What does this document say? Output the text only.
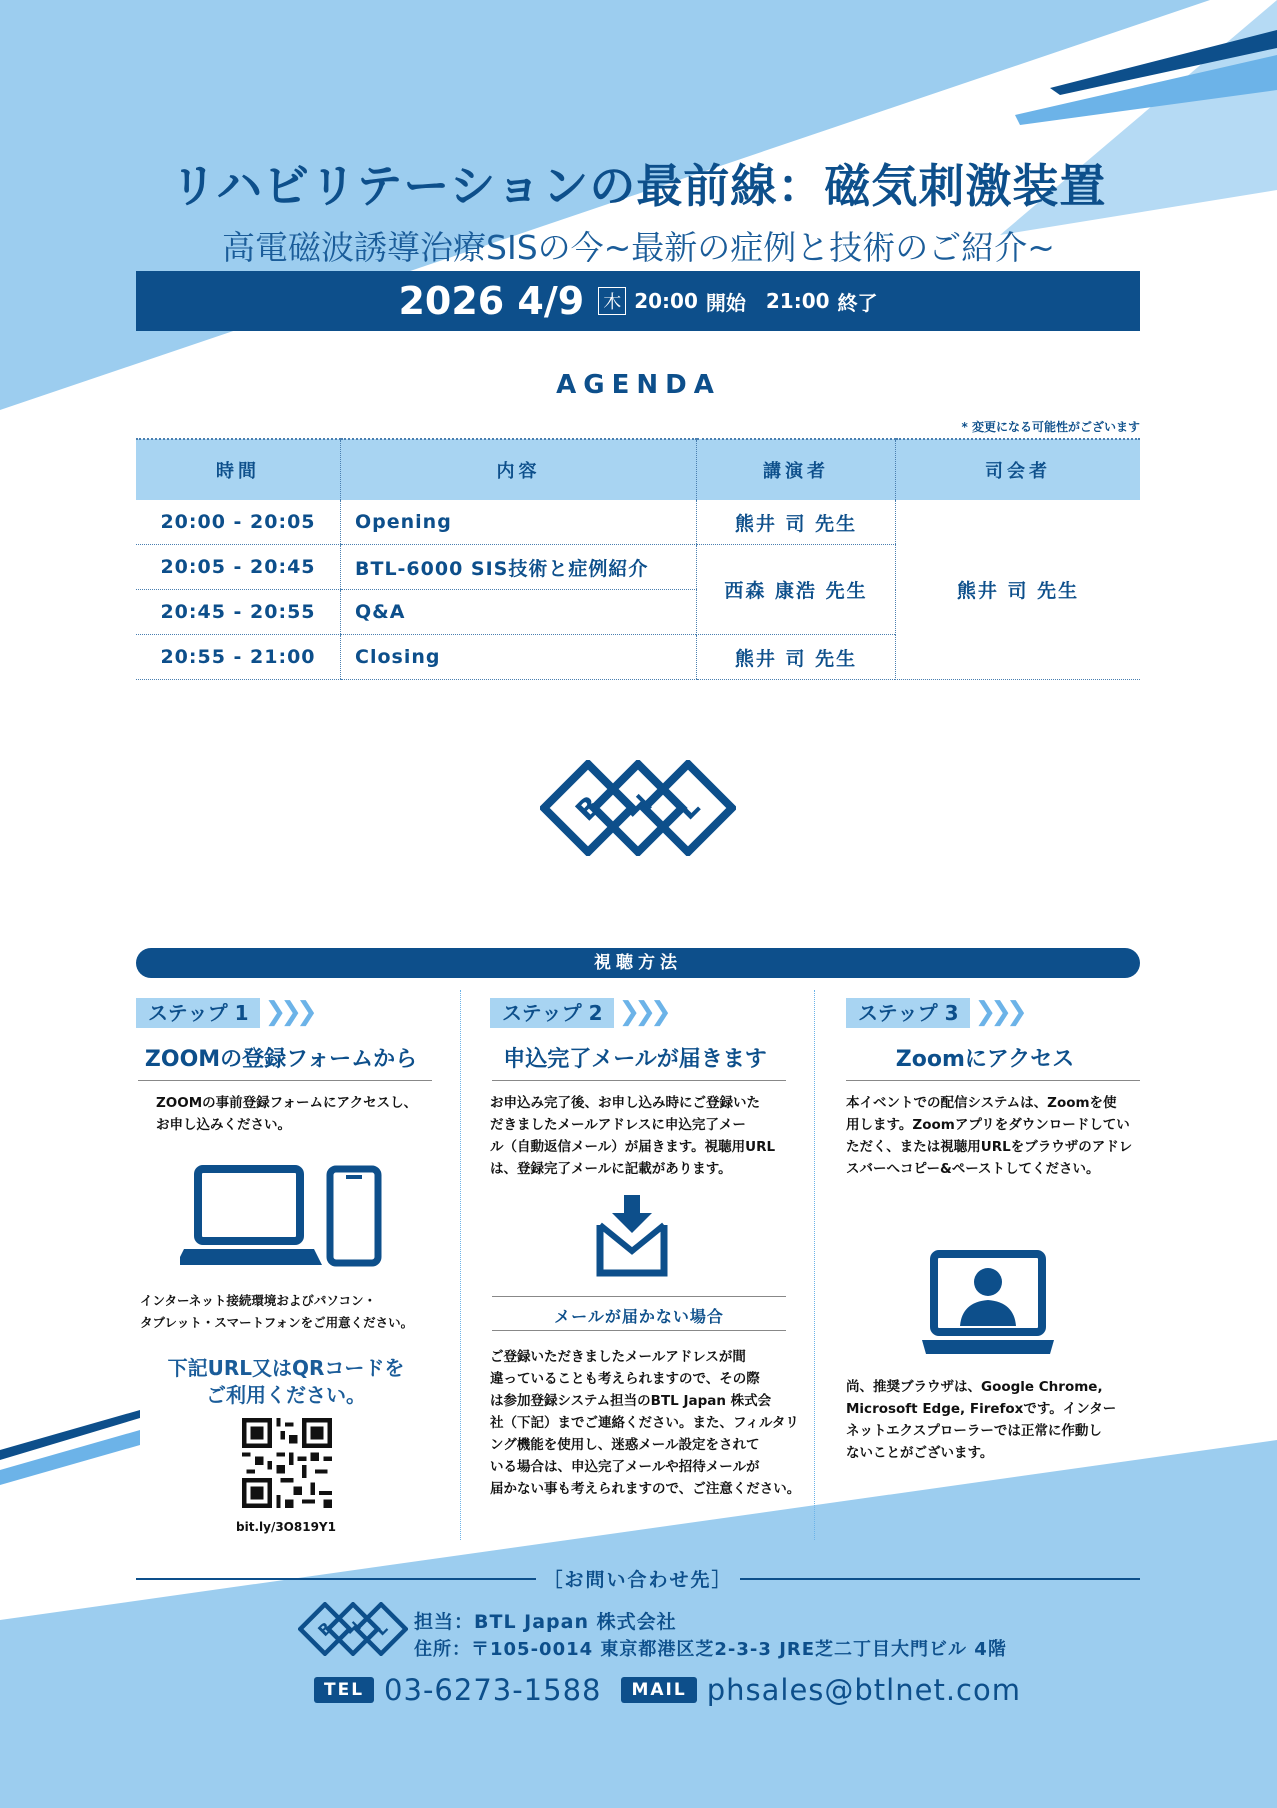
リハビリテーションの最前線：磁気刺激装置
高電磁波誘導治療SISの今~最新の症例と技術のご紹介~
2026 4/9 木 20:00 開始 21:00 終了
AGENDA
* 変更になる可能性がございます
時間	内容	講演者	司会者
20:00 - 20:05	Opening	熊井 司 先生	熊井 司 先生
20:05 - 20:45	BTL-6000 SIS技術と症例紹介	西森 康浩 先生	
20:45 - 20:55	Q&A		
20:55 - 21:00	Closing	熊井 司 先生	
B T L
視聴方法
ステップ 1 ❯❯❯
ZOOMの登録フォームから
ZOOMの事前登録フォームにアクセスし、
お申し込みください。
インターネット接続環境およびパソコン・
タブレット・スマートフォンをご用意ください。
下記URL又はQRコードを
ご利用ください。
bit.ly/3O819Y1
ステップ 2 ❯❯❯
申込完了メールが届きます
お申込み完了後、お申し込み時にご登録いた
だきましたメールアドレスに申込完了メー
ル（自動返信メール）が届きます。視聴用URL
は、登録完了メールに記載があります。
メールが届かない場合
ご登録いただきましたメールアドレスが間
違っていることも考えられますので、その際
は参加登録システム担当のBTL Japan 株式会
社（下記）までご連絡ください。また、フィルタリ
ング機能を使用し、迷惑メール設定をされて
いる場合は、申込完了メールや招待メールが
届かない事も考えられますので、ご注意ください。
ステップ 3 ❯❯❯
Zoomにアクセス
本イベントでの配信システムは、Zoomを使
用します。Zoomアプリをダウンロードしてい
ただく、または視聴用URLをブラウザのアドレ
スバーへコピー&ペーストしてください。
尚、推奨ブラウザは、Google Chrome,
Microsoft Edge, Firefoxです。インター
ネットエクスプローラーでは正常に作動し
ないことがございます。
［お問い合わせ先］
B T L 担当：BTL Japan 株式会社
住所：〒105-0014 東京都港区芝2-3-3 JRE芝二丁目大門ビル 4階
TEL 03-6273-1588	MAIL phsales@btlnet.com
